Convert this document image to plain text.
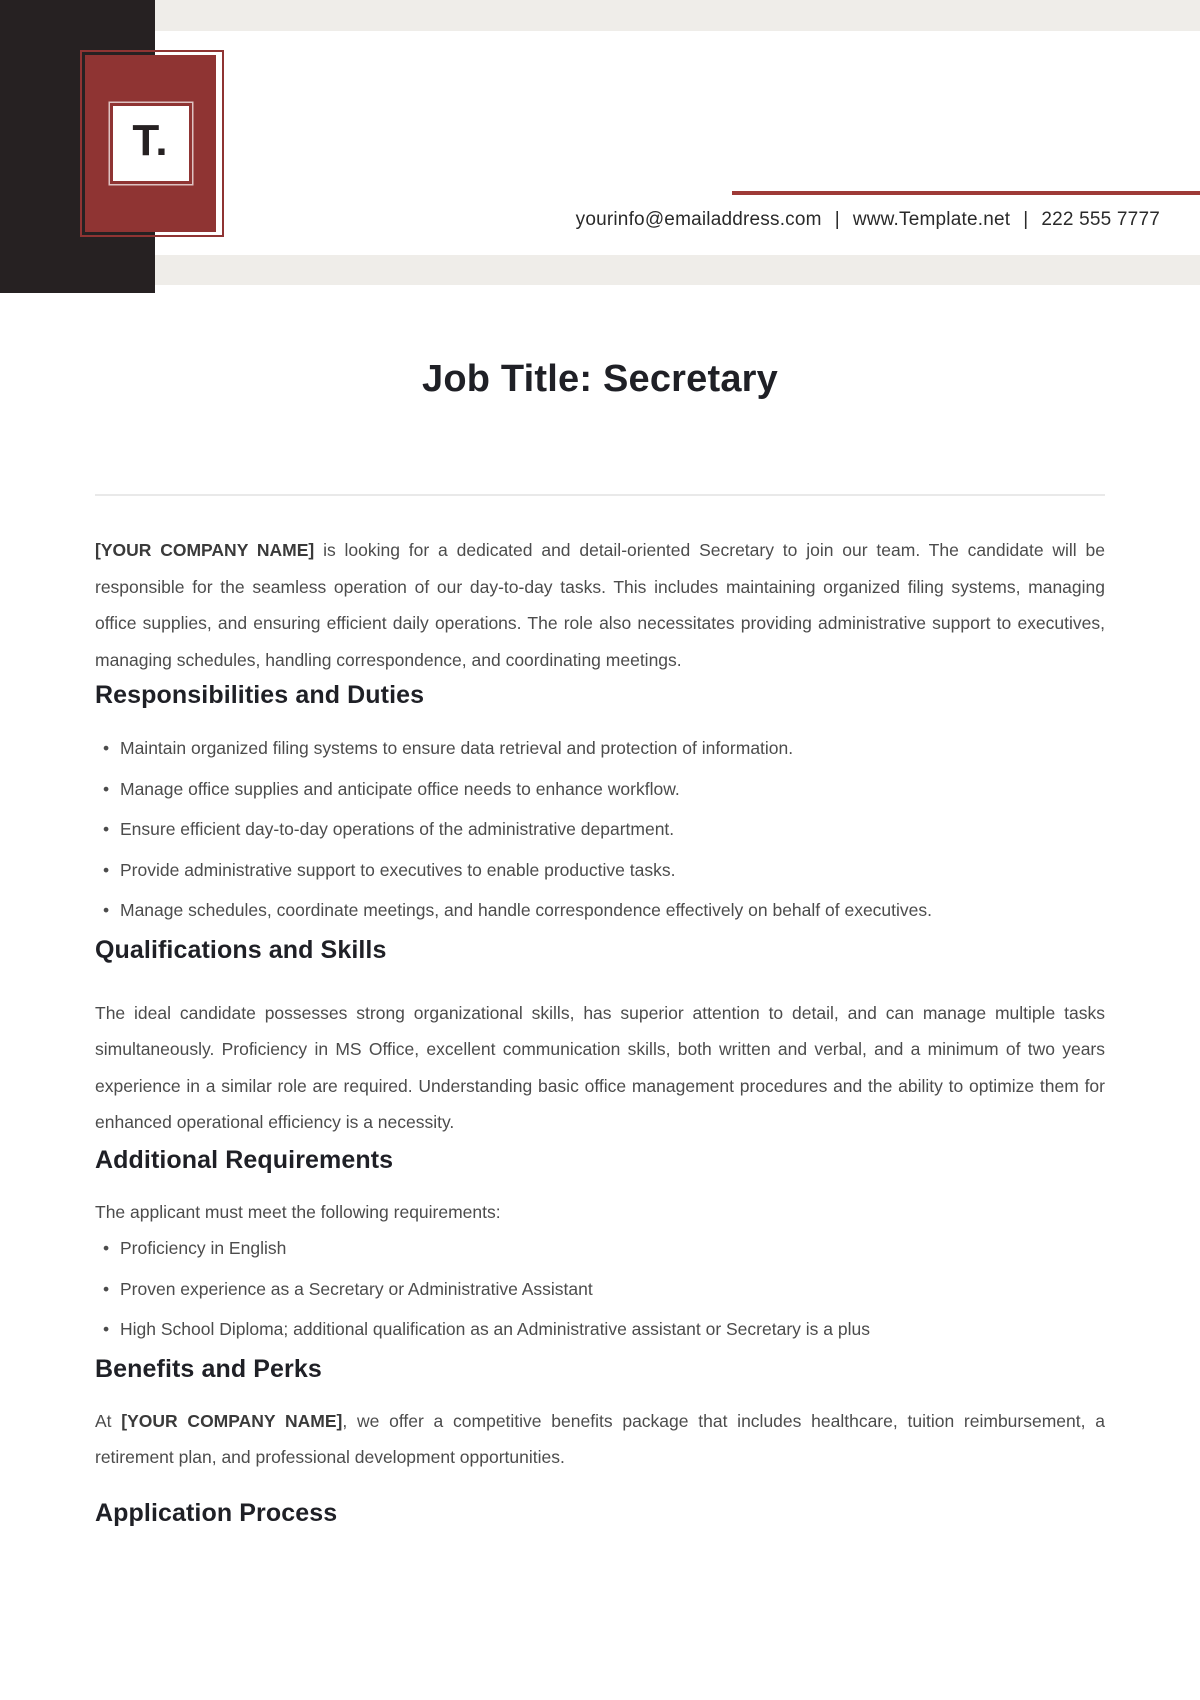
T.
yourinfo@emailaddress.com | www.Template.net | 222 555 7777
Job Title: Secretary

[YOUR COMPANY NAME] is looking for a dedicated and detail-oriented Secretary to join our team. The candidate will be responsible for the seamless operation of our day-to-day tasks. This includes maintaining organized filing systems, managing office supplies, and ensuring efficient daily operations. The role also necessitates providing administrative support to executives, managing schedules, handling correspondence, and coordinating meetings.

Responsibilities and Duties
• Maintain organized filing systems to ensure data retrieval and protection of information.
• Manage office supplies and anticipate office needs to enhance workflow.
• Ensure efficient day-to-day operations of the administrative department.
• Provide administrative support to executives to enable productive tasks.
• Manage schedules, coordinate meetings, and handle correspondence effectively on behalf of executives.
Qualifications and Skills

The ideal candidate possesses strong organizational skills, has superior attention to detail, and can manage multiple tasks simultaneously. Proficiency in MS Office, excellent communication skills, both written and verbal, and a minimum of two years experience in a similar role are required. Understanding basic office management procedures and the ability to optimize them for enhanced operational efficiency is a necessity.

Additional Requirements

The applicant must meet the following requirements:

• Proficiency in English
• Proven experience as a Secretary or Administrative Assistant
• High School Diploma; additional qualification as an Administrative assistant or Secretary is a plus
Benefits and Perks

At [YOUR COMPANY NAME], we offer a competitive benefits package that includes healthcare, tuition reimbursement, a retirement plan, and professional development opportunities.

Application Process
